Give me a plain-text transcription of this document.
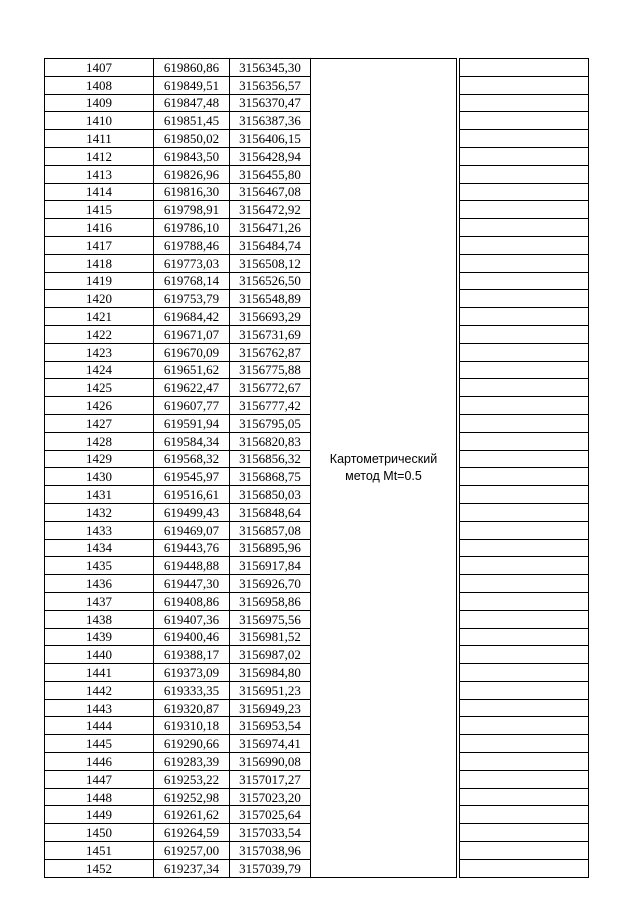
1407	619860,86	3156345,30	Картометрический
метод Mt=0.5		

1408	619849,51	3156356,57			
1409	619847,48	3156370,47			
1410	619851,45	3156387,36			
1411	619850,02	3156406,15			
1412	619843,50	3156428,94			
1413	619826,96	3156455,80			
1414	619816,30	3156467,08			
1415	619798,91	3156472,92			
1416	619786,10	3156471,26			
1417	619788,46	3156484,74			
1418	619773,03	3156508,12			
1419	619768,14	3156526,50			
1420	619753,79	3156548,89			
1421	619684,42	3156693,29			
1422	619671,07	3156731,69			
1423	619670,09	3156762,87			
1424	619651,62	3156775,88			
1425	619622,47	3156772,67			
1426	619607,77	3156777,42			
1427	619591,94	3156795,05			
1428	619584,34	3156820,83			
1429	619568,32	3156856,32			
1430	619545,97	3156868,75			
1431	619516,61	3156850,03			
1432	619499,43	3156848,64			
1433	619469,07	3156857,08			
1434	619443,76	3156895,96			
1435	619448,88	3156917,84			
1436	619447,30	3156926,70			
1437	619408,86	3156958,86			
1438	619407,36	3156975,56			
1439	619400,46	3156981,52			
1440	619388,17	3156987,02			
1441	619373,09	3156984,80			
1442	619333,35	3156951,23			
1443	619320,87	3156949,23			
1444	619310,18	3156953,54			
1445	619290,66	3156974,41			
1446	619283,39	3156990,08			
1447	619253,22	3157017,27			
1448	619252,98	3157023,20			
1449	619261,62	3157025,64			
1450	619264,59	3157033,54			
1451	619257,00	3157038,96			
1452	619237,34	3157039,79			
